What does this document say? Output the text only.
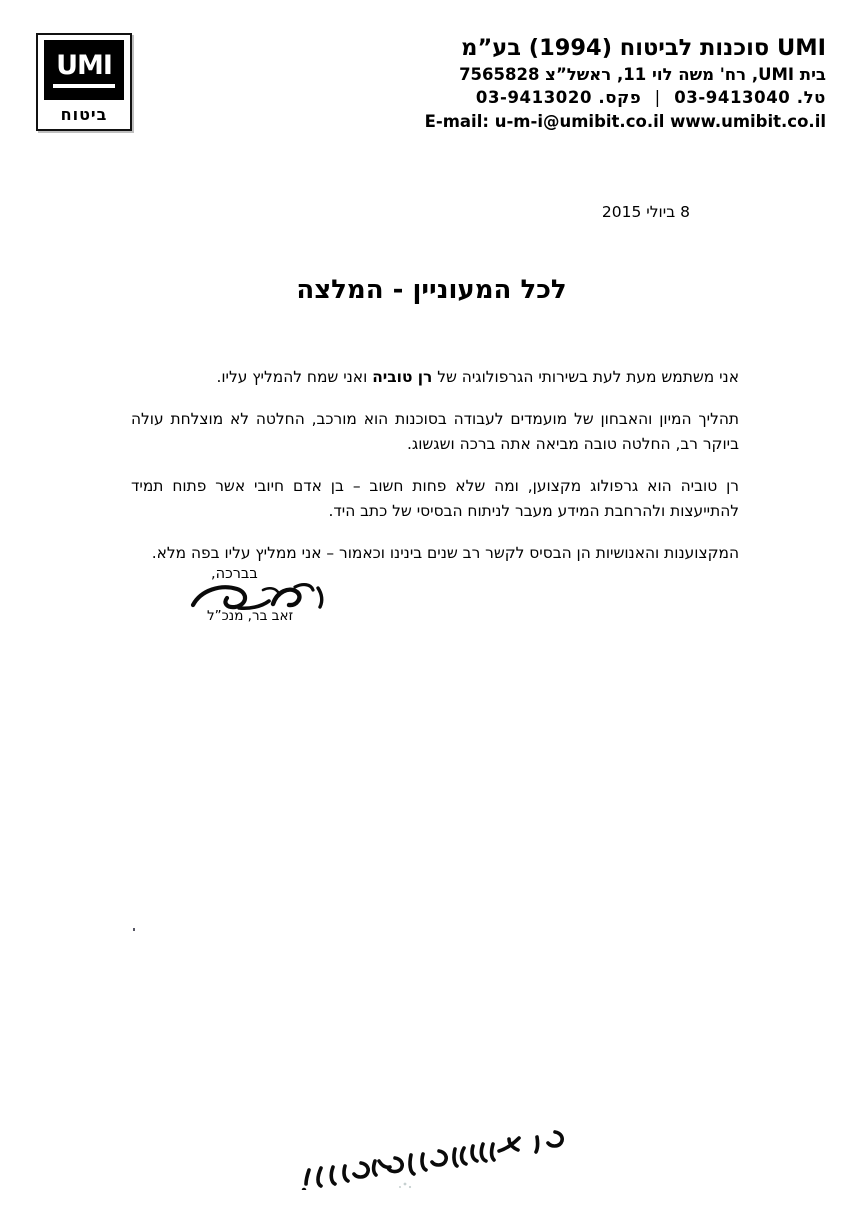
UMI
ביטוח
UMI סוכנות לביטוח (1994) בע”מ
בית UMI, רח' משה לוי 11, ראשל”צ 7565828
טל. 03-9413040 | פקס. 03-9413020
E-mail: u-m-i@umibit.co.il www.umibit.co.il
8 ביולי 2015
לכל המעוניין - המלצה

אני משתמש מעת לעת בשירותי הגרפולוגיה של רן טוביה ואני שמח להמליץ עליו.

תהליך המיון והאבחון של מועמדים לעבודה בסוכנות הוא מורכב, החלטה לא מוצלחת עולה ביוקר רב, החלטה טובה מביאה אתה ברכה ושגשוג.

רן טוביה הוא גרפולוג מקצוען, ומה שלא פחות חשוב – בן אדם חיובי אשר פתוח תמיד להתייעצות ולהרחבת המידע מעבר לניתוח הבסיסי של כתב היד.

המקצוענות והאנושיות הן הבסיס לקשר רב שנים בינינו וכאמור – אני ממליץ עליו בפה מלא.

בברכה,
זאב בר, מנכ”ל
